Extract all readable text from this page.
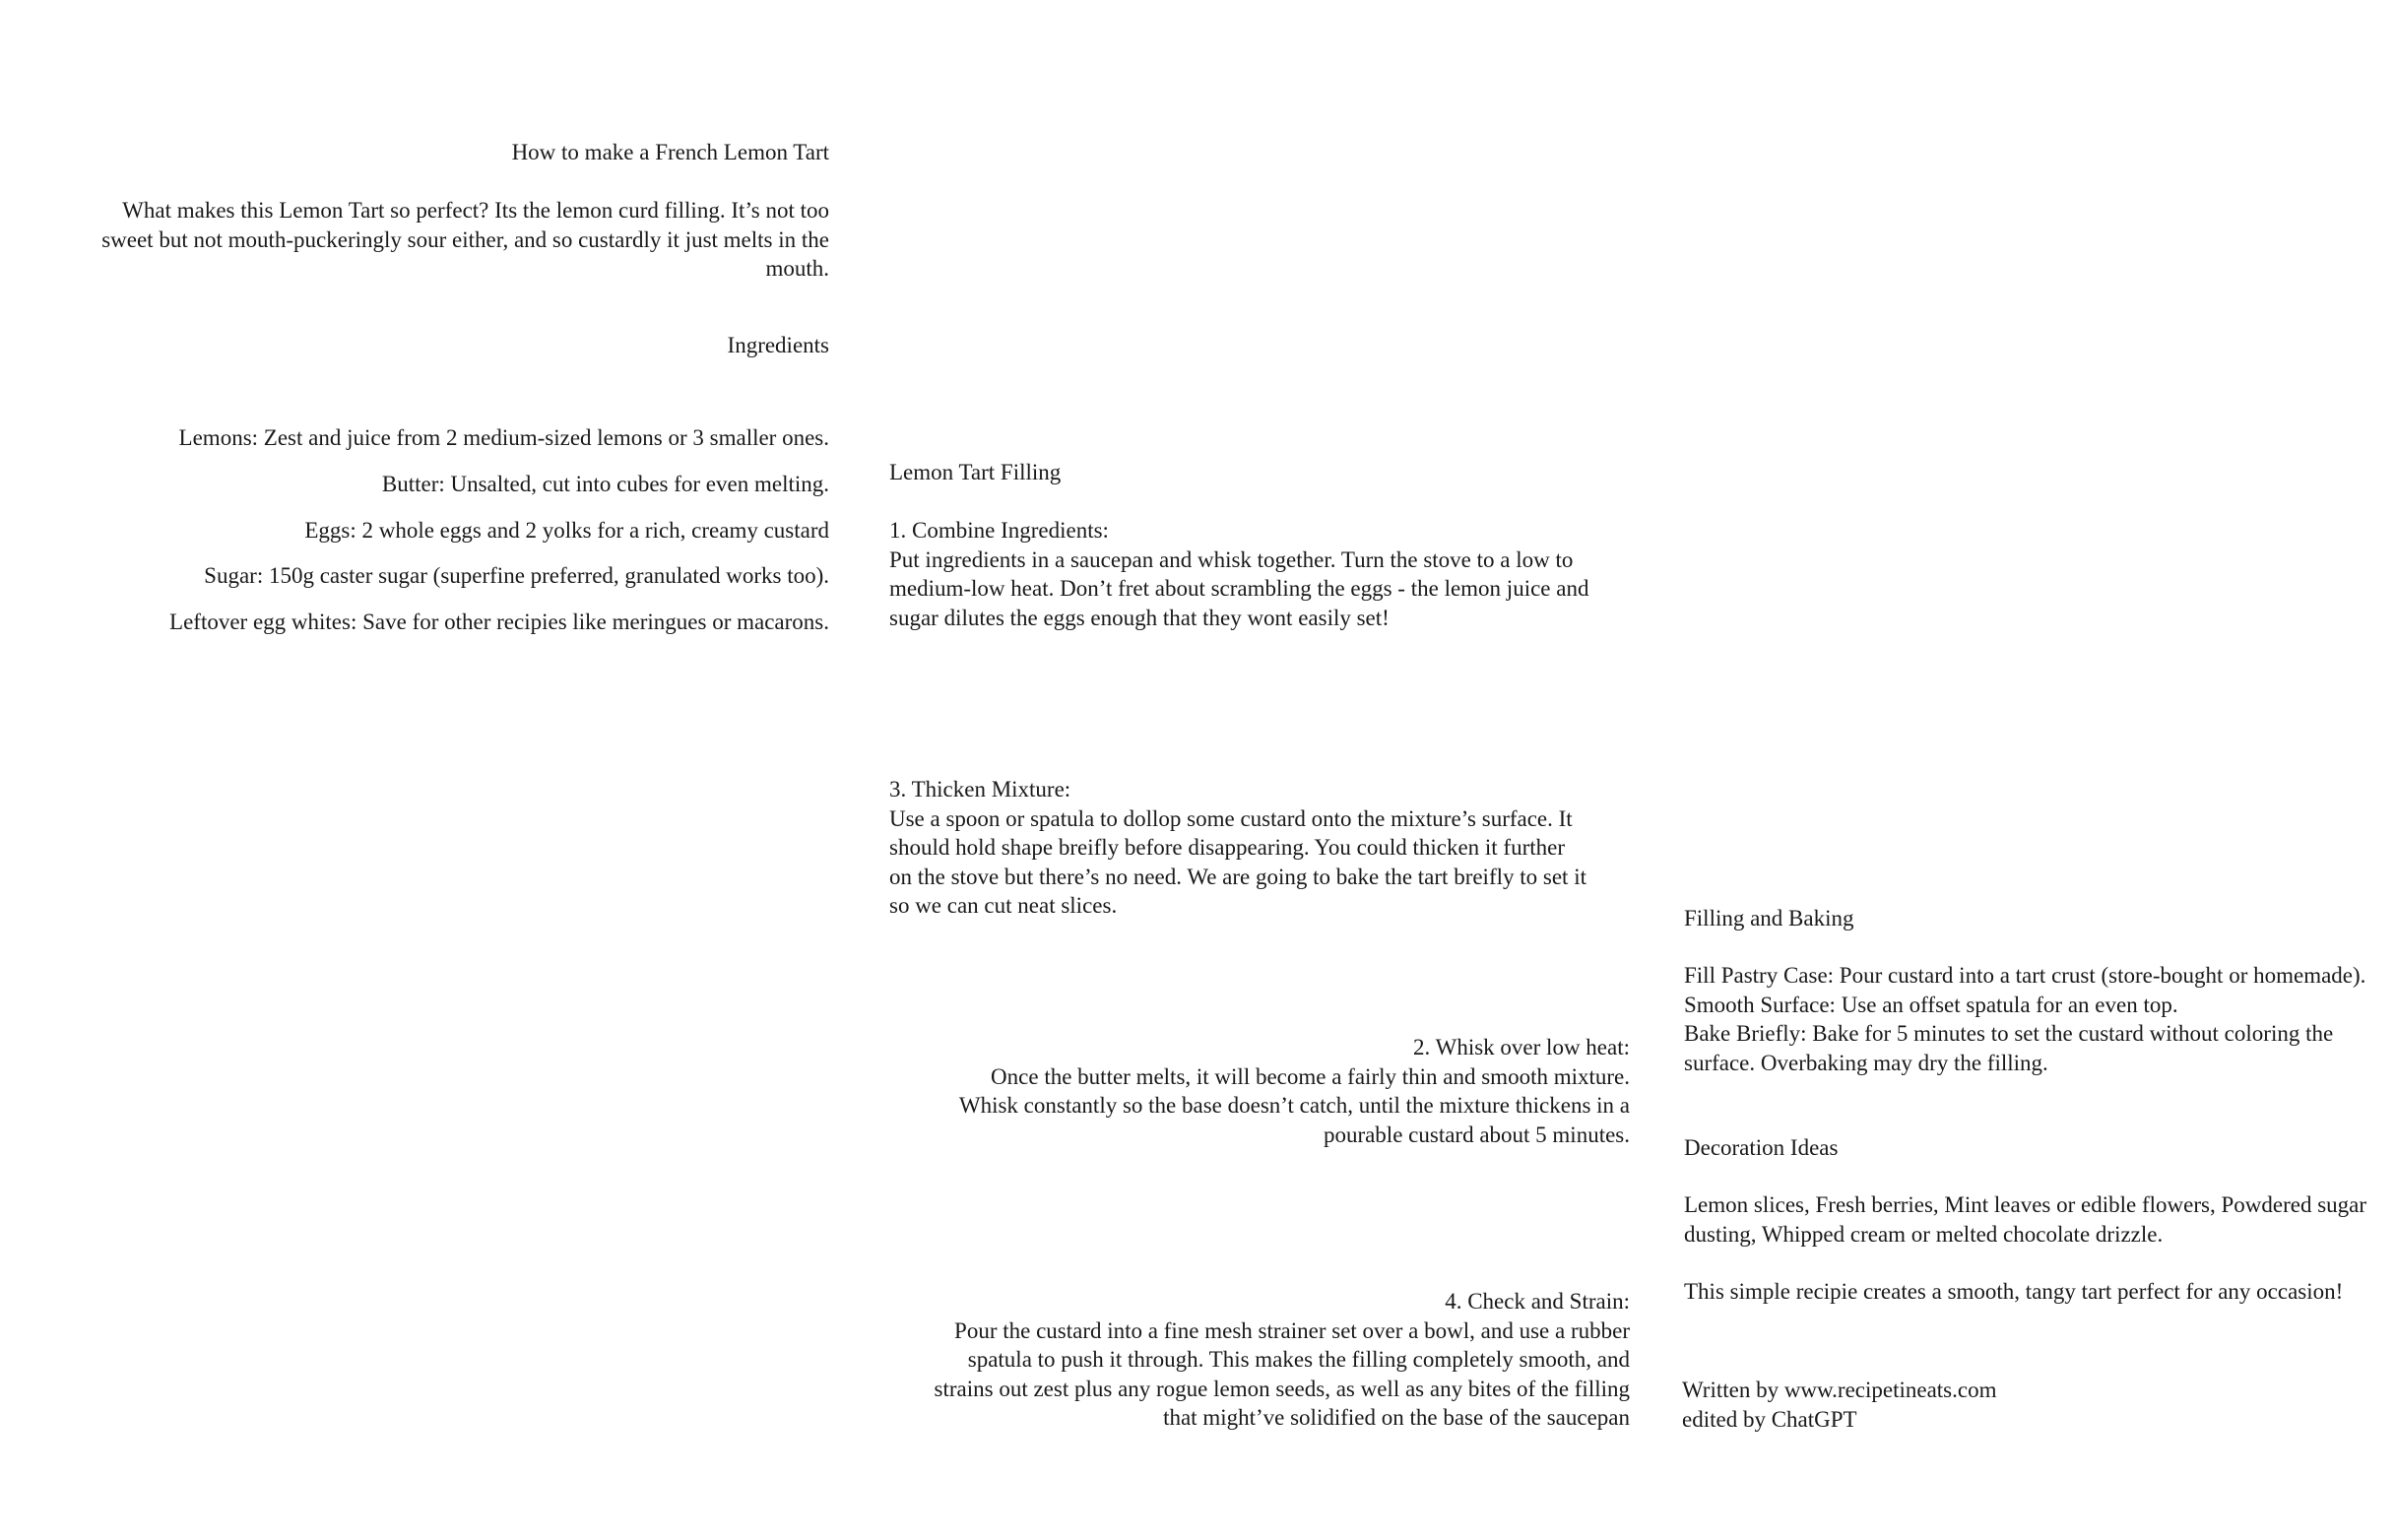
How to make a French Lemon Tart

What makes this Lemon Tart so perfect? Its the lemon curd filling. It’s not too sweet but not mouth-puckeringly sour either, and so custardly it just melts in the mouth.

Ingredients
Lemons: Zest and juice from 2 medium-sized lemons or 3 smaller ones.
Butter: Unsalted, cut into cubes for even melting.
Eggs: 2 whole eggs and 2 yolks for a rich, creamy custard
Sugar: 150g caster sugar (superfine preferred, granulated works too).
Leftover egg whites: Save for other recipies like meringues or macarons.
Lemon Tart Filling
1. Combine Ingredients:
Put ingredients in a saucepan and whisk together. Turn the stove to a low to medium-low heat. Don’t fret about scrambling the eggs - the lemon juice and sugar dilutes the eggs enough that they wont easily set!
3. Thicken Mixture:
Use a spoon or spatula to dollop some custard onto the mixture’s surface. It should hold shape breifly before disappearing. You could thicken it further on the stove but there’s no need. We are going to bake the tart breifly to set it so we can cut neat slices.
2. Whisk over low heat:
Once the butter melts, it will become a fairly thin and smooth mixture. Whisk constantly so the base doesn’t catch, until the mixture thickens in a pourable custard about 5 minutes.
4. Check and Strain:
Pour the custard into a fine mesh strainer set over a bowl, and use a rubber spatula to push it through. This makes the filling completely smooth, and strains out zest plus any rogue lemon seeds, as well as any bites of the filling that might’ve solidified on the base of the saucepan
Filling and Baking
Fill Pastry Case: Pour custard into a tart crust (store-bought or homemade).
Smooth Surface: Use an offset spatula for an even top.
Bake Briefly: Bake for 5 minutes to set the custard without coloring the surface. Overbaking may dry the filling.
Decoration Ideas

Lemon slices, Fresh berries, Mint leaves or edible flowers, Powdered sugar dusting, Whipped cream or melted chocolate drizzle.

This simple recipie creates a smooth, tangy tart perfect for any occasion!

Written by www.recipetineats.com
edited by ChatGPT
